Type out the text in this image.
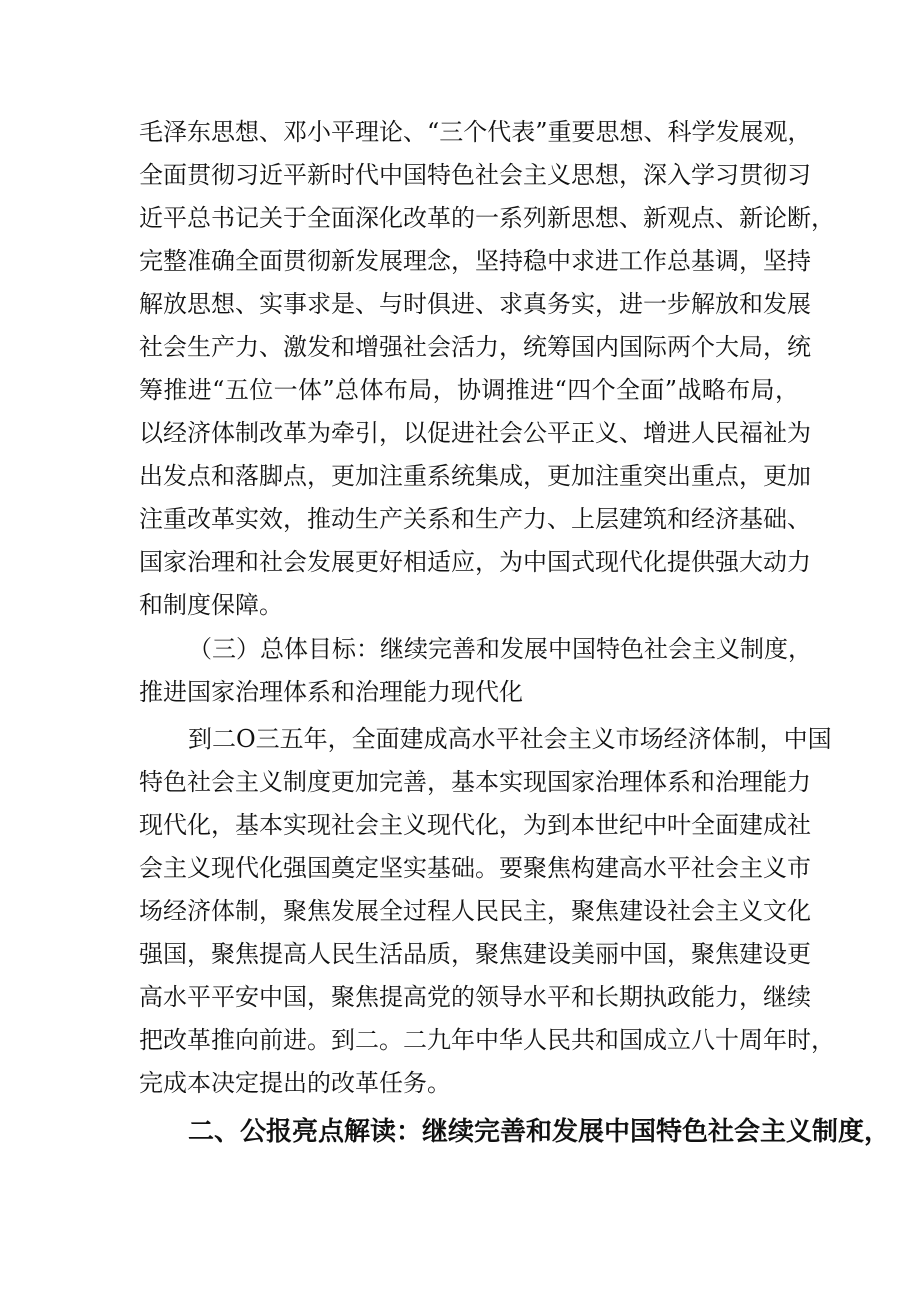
毛泽东思想、邓小平理论、“三个代表”重要思想、科学发展观，
全面贯彻习近平新时代中国特色社会主义思想，深入学习贯彻习
近平总书记关于全面深化改革的一系列新思想、新观点、新论断，
完整准确全面贯彻新发展理念，坚持稳中求进工作总基调，坚持
解放思想、实事求是、与时俱进、求真务实，进一步解放和发展
社会生产力、激发和增强社会活力，统筹国内国际两个大局，统
筹推进“五位一体”总体布局，协调推进“四个全面”战略布局，
以经济体制改革为牵引，以促进社会公平正义、增进人民福祉为
出发点和落脚点，更加注重系统集成，更加注重突出重点，更加
注重改革实效，推动生产关系和生产力、上层建筑和经济基础、
国家治理和社会发展更好相适应，为中国式现代化提供强大动力
和制度保障。
（三）总体目标：继续完善和发展中国特色社会主义制度，
推进国家治理体系和治理能力现代化
到二O三五年，全面建成高水平社会主义市场经济体制，中国
特色社会主义制度更加完善，基本实现国家治理体系和治理能力
现代化，基本实现社会主义现代化，为到本世纪中叶全面建成社
会主义现代化强国奠定坚实基础。要聚焦构建高水平社会主义市
场经济体制，聚焦发展全过程人民民主，聚焦建设社会主义文化
强国，聚焦提高人民生活品质，聚焦建设美丽中国，聚焦建设更
高水平平安中国，聚焦提高党的领导水平和长期执政能力，继续
把改革推向前进。到二。二九年中华人民共和国成立八十周年时，
完成本决定提出的改革任务。
二、公报亮点解读：继续完善和发展中国特色社会主义制度，
